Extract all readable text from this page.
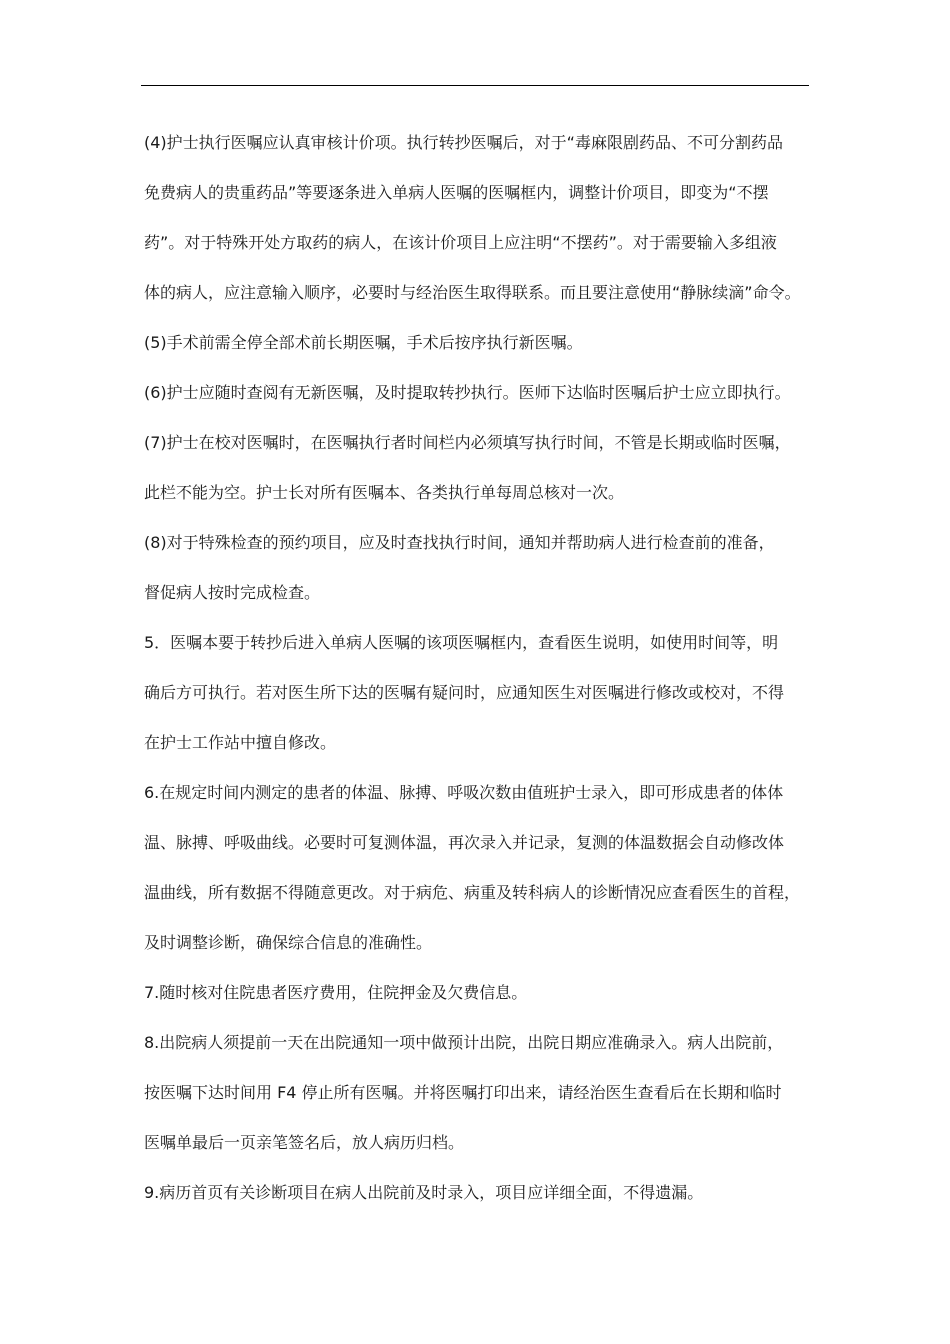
(4)护士执行医嘱应认真审核计价项。执行转抄医嘱后，对于“毒麻限剧药品、不可分割药品
免费病人的贵重药品”等要逐条进入单病人医嘱的医嘱框内，调整计价项目，即变为“不摆
药”。对于特殊开处方取药的病人，在该计价项目上应注明“不摆药”。对于需要输入多组液
体的病人，应注意输入顺序，必要时与经治医生取得联系。而且要注意使用“静脉续滴”命令。
(5)手术前需全停全部术前长期医嘱，手术后按序执行新医嘱。
(6)护士应随时查阅有无新医嘱，及时提取转抄执行。医师下达临时医嘱后护士应立即执行。
(7)护士在校对医嘱时，在医嘱执行者时间栏内必须填写执行时间，不管是长期或临时医嘱，
此栏不能为空。护士长对所有医嘱本、各类执行单每周总核对一次。
(8)对于特殊检查的预约项目，应及时查找执行时间，通知并帮助病人进行检查前的准备，
督促病人按时完成检查。
5．医嘱本要于转抄后进入单病人医嘱的该项医嘱框内，查看医生说明，如使用时间等，明
确后方可执行。若对医生所下达的医嘱有疑问时，应通知医生对医嘱进行修改或校对，不得
在护士工作站中擅自修改。
6.在规定时间内测定的患者的体温、脉搏、呼吸次数由值班护士录入，即可形成患者的体体
温、脉搏、呼吸曲线。必要时可复测体温，再次录入并记录，复测的体温数据会自动修改体
温曲线，所有数据不得随意更改。对于病危、病重及转科病人的诊断情况应查看医生的首程，
及时调整诊断，确保综合信息的准确性。
7.随时核对住院患者医疗费用，住院押金及欠费信息。
8.出院病人须提前一天在出院通知一项中做预计出院，出院日期应准确录入。病人出院前，
按医嘱下达时间用 F4 停止所有医嘱。并将医嘱打印出来，请经治医生查看后在长期和临时
医嘱单最后一页亲笔签名后，放人病历归档。
9.病历首页有关诊断项目在病人出院前及时录入，项目应详细全面，不得遗漏。
